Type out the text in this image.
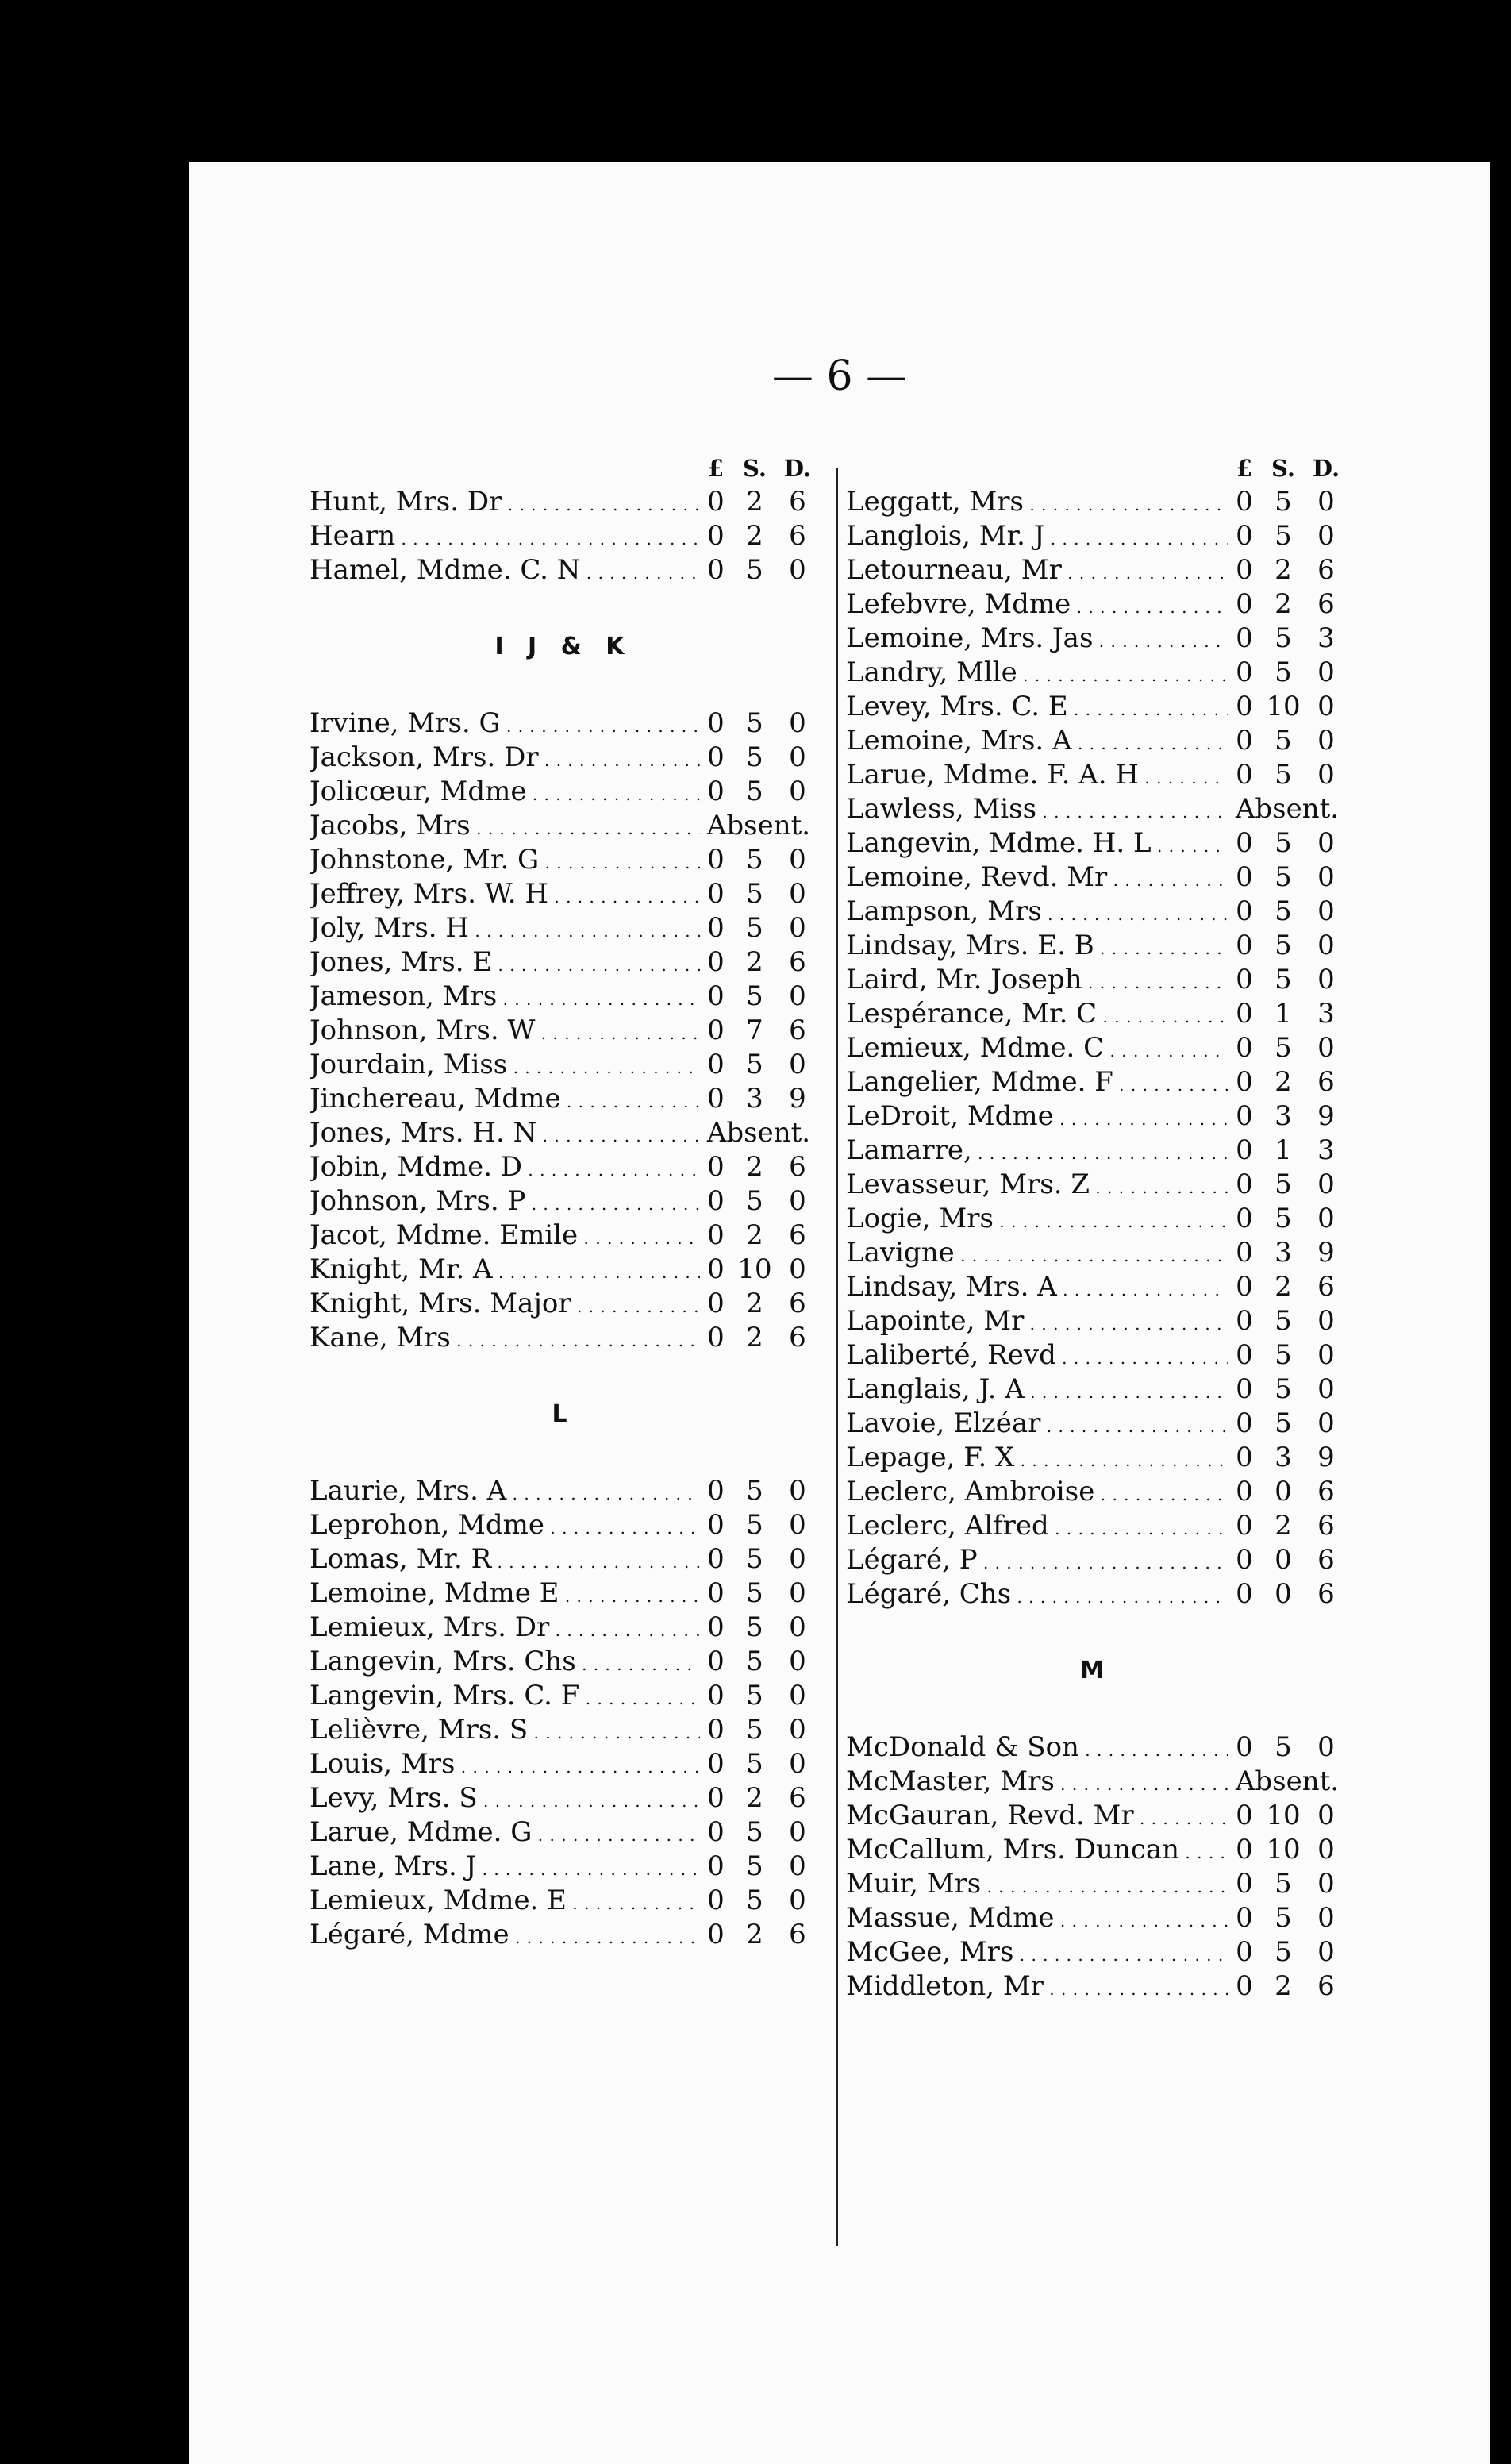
— 6 —
£ S. D.
Hunt, Mrs. Dr . . .	0 2 6
Hearn . . .	0 2 6
Hamel, Mdme. C. N . . .	0 5 0
I J & K
Irvine, Mrs. G . . .	0 5 0
Jackson, Mrs. Dr . . .	0 5 0
Jolicœur, Mdme . . .	0 5 0
Jacobs, Mrs . . .	Absent.
Johnstone, Mr. G . . .	0 5 0
Jeffrey, Mrs. W. H . . .	0 5 0
Joly, Mrs. H . . .	0 5 0
Jones, Mrs. E . . .	0 2 6
Jameson, Mrs . . .	0 5 0
Johnson, Mrs. W . . .	0 7 6
Jourdain, Miss . . .	0 5 0
Jinchereau, Mdme . . .	0 3 9
Jones, Mrs. H. N . . .	Absent.
Jobin, Mdme. D . . .	0 2 6
Johnson, Mrs. P . . .	0 5 0
Jacot, Mdme. Emile . . .	0 2 6
Knight, Mr. A . . .	0 10 0
Knight, Mrs. Major . . .	0 2 6
Kane, Mrs . . .	0 2 6
L
Laurie, Mrs. A . . .	0 5 0
Leprohon, Mdme . . .	0 5 0
Lomas, Mr. R . . .	0 5 0
Lemoine, Mdme E . . .	0 5 0
Lemieux, Mrs. Dr . . .	0 5 0
Langevin, Mrs. Chs . . .	0 5 0
Langevin, Mrs. C. F . . .	0 5 0
Lelièvre, Mrs. S . . .	0 5 0
Louis, Mrs . . .	0 5 0
Levy, Mrs. S . . .	0 2 6
Larue, Mdme. G . . .	0 5 0
Lane, Mrs. J . . .	0 5 0
Lemieux, Mdme. E . . .	0 5 0
Légaré, Mdme . . .	0 2 6
£ S. D.
Leggatt, Mrs . . .	0 5 0
Langlois, Mr. J . . .	0 5 0
Letourneau, Mr . . .	0 2 6
Lefebvre, Mdme . . .	0 2 6
Lemoine, Mrs. Jas . . .	0 5 3
Landry, Mlle . . .	0 5 0
Levey, Mrs. C. E . . .	0 10 0
Lemoine, Mrs. A . . .	0 5 0
Larue, Mdme. F. A. H . . .	0 5 0
Lawless, Miss . . .	Absent.
Langevin, Mdme. H. L . . .	0 5 0
Lemoine, Revd. Mr . . .	0 5 0
Lampson, Mrs . . .	0 5 0
Lindsay, Mrs. E. B . . .	0 5 0
Laird, Mr. Joseph . . .	0 5 0
Lespérance, Mr. C . . .	0 1 3
Lemieux, Mdme. C . . .	0 5 0
Langelier, Mdme. F . . .	0 2 6
LeDroit, Mdme . . .	0 3 9
Lamarre, . . .	0 1 3
Levasseur, Mrs. Z . . .	0 5 0
Logie, Mrs . . .	0 5 0
Lavigne . . .	0 3 9
Lindsay, Mrs. A . . .	0 2 6
Lapointe, Mr . . .	0 5 0
Laliberté, Revd . . .	0 5 0
Langlais, J. A . . .	0 5 0
Lavoie, Elzéar . . .	0 5 0
Lepage, F. X . . .	0 3 9
Leclerc, Ambroise . . .	0 0 6
Leclerc, Alfred . . .	0 2 6
Légaré, P . . .	0 0 6
Légaré, Chs . . .	0 0 6
M
McDonald & Son . . .	0 5 0
McMaster, Mrs . . .	Absent.
McGauran, Revd. Mr . . .	0 10 0
McCallum, Mrs. Duncan . . .	0 10 0
Muir, Mrs . . .	0 5 0
Massue, Mdme . . .	0 5 0
McGee, Mrs . . .	0 5 0
Middleton, Mr . . .	0 2 6
